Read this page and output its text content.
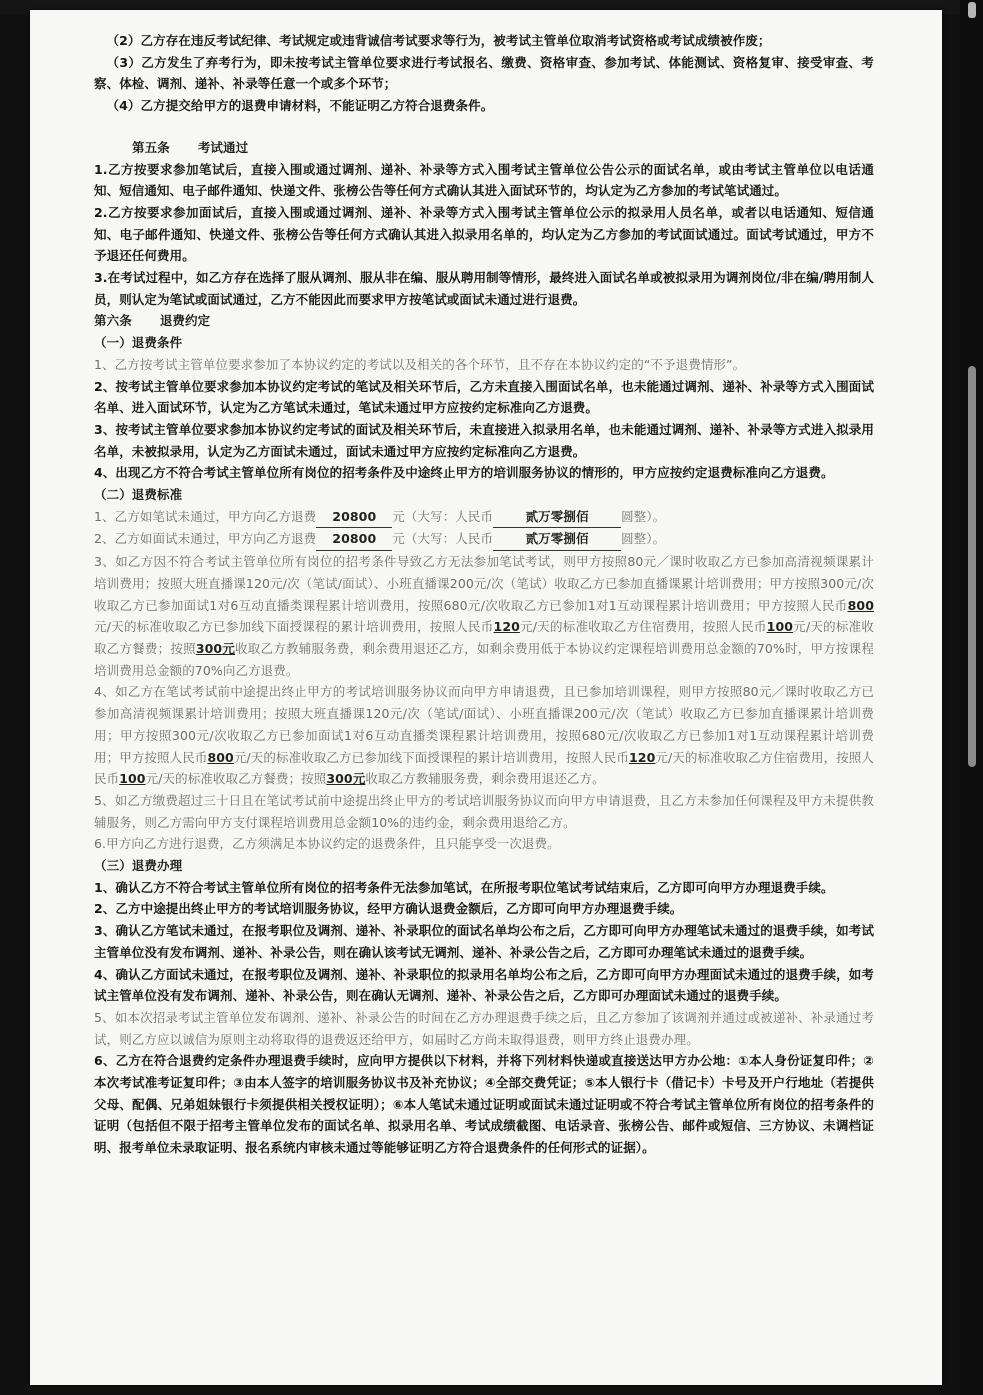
（2）乙方存在违反考试纪律、考试规定或违背诚信考试要求等行为，被考试主管单位取消考试资格或考试成绩被作废；

（3）乙方发生了弃考行为，即未按考试主管单位要求进行考试报名、缴费、资格审查、参加考试、体能测试、资格复审、接受审查、考察、体检、调剂、递补、补录等任意一个或多个环节；

（4）乙方提交给甲方的退费申请材料，不能证明乙方符合退费条件。

第五条 考试通过

1.乙方按要求参加笔试后，直接入围或通过调剂、递补、补录等方式入围考试主管单位公告公示的面试名单，或由考试主管单位以电话通知、短信通知、电子邮件通知、快递文件、张榜公告等任何方式确认其进入面试环节的，均认定为乙方参加的考试笔试通过。

2.乙方按要求参加面试后，直接入围或通过调剂、递补、补录等方式入围考试主管单位公示的拟录用人员名单，或者以电话通知、短信通知、电子邮件通知、快递文件、张榜公告等任何方式确认其进入拟录用名单的，均认定为乙方参加的考试面试通过。面试考试通过，甲方不予退还任何费用。

3.在考试过程中，如乙方存在选择了服从调剂、服从非在编、服从聘用制等情形，最终进入面试名单或被拟录用为调剂岗位/非在编/聘用制人员，则认定为笔试或面试通过，乙方不能因此而要求甲方按笔试或面试未通过进行退费。

第六条 退费约定

（一）退费条件

1、乙方按考试主管单位要求参加了本协议约定的考试以及相关的各个环节，且不存在本协议约定的“不予退费情形”。

2、按考试主管单位要求参加本协议约定考试的笔试及相关环节后，乙方未直接入围面试名单，也未能通过调剂、递补、补录等方式入围面试名单、进入面试环节，认定为乙方笔试未通过，笔试未通过甲方应按约定标准向乙方退费。

3、按考试主管单位要求参加本协议约定考试的面试及相关环节后，未直接进入拟录用名单，也未能通过调剂、递补、补录等方式进入拟录用名单，未被拟录用，认定为乙方面试未通过，面试未通过甲方应按约定标准向乙方退费。

4、出现乙方不符合考试主管单位所有岗位的招考条件及中途终止甲方的培训服务协议的情形的，甲方应按约定退费标准向乙方退费。

（二）退费标准

1、乙方如笔试未通过，甲方向乙方退费 20800 元（大写：人民币	贰万零捌佰	圆整）。

2、乙方如面试未通过，甲方向乙方退费 20800 元（大写：人民币	贰万零捌佰	圆整）。

3、如乙方因不符合考试主管单位所有岗位的招考条件导致乙方无法参加笔试考试，则甲方按照80元／课时收取乙方已参加高清视频课累计培训费用；按照大班直播课120元/次（笔试/面试）、小班直播课200元/次（笔试）收取乙方已参加直播课累计培训费用；甲方按照300元/次收取乙方已参加面试1对6互动直播类课程累计培训费用，按照680元/次收取乙方已参加1对1互动课程累计培训费用；甲方按照人民币800元/天的标准收取乙方已参加线下面授课程的累计培训费用，按照人民币120元/天的标准收取乙方住宿费用，按照人民币100元/天的标准收取乙方餐费；按照300元收取乙方教辅服务费，剩余费用退还乙方，如剩余费用低于本协议约定课程培训费用总金额的70%时，甲方按课程培训费用总金额的70%向乙方退费。

4、如乙方在笔试考试前中途提出终止甲方的考试培训服务协议而向甲方申请退费，且已参加培训课程，则甲方按照80元／课时收取乙方已参加高清视频课累计培训费用；按照大班直播课120元/次（笔试/面试）、小班直播课200元/次（笔试）收取乙方已参加直播课累计培训费用；甲方按照300元/次收取乙方已参加面试1对6互动直播类课程累计培训费用，按照680元/次收取乙方已参加1对1互动课程累计培训费用；甲方按照人民币800元/天的标准收取乙方已参加线下面授课程的累计培训费用，按照人民币120元/天的标准收取乙方住宿费用，按照人民币100元/天的标准收取乙方餐费；按照300元收取乙方教辅服务费，剩余费用退还乙方。

5、如乙方缴费超过三十日且在笔试考试前中途提出终止甲方的考试培训服务协议而向甲方申请退费，且乙方未参加任何课程及甲方未提供教辅服务，则乙方需向甲方支付课程培训费用总金额10%的违约金，剩余费用退给乙方。

6.甲方向乙方进行退费，乙方须满足本协议约定的退费条件，且只能享受一次退费。

（三）退费办理

1、确认乙方不符合考试主管单位所有岗位的招考条件无法参加笔试，在所报考职位笔试考试结束后，乙方即可向甲方办理退费手续。

2、乙方中途提出终止甲方的考试培训服务协议，经甲方确认退费金额后，乙方即可向甲方办理退费手续。

3、确认乙方笔试未通过，在报考职位及调剂、递补、补录职位的面试名单均公布之后，乙方即可向甲方办理笔试未通过的退费手续，如考试主管单位没有发布调剂、递补、补录公告，则在确认该考试无调剂、递补、补录公告之后，乙方即可办理笔试未通过的退费手续。

4、确认乙方面试未通过，在报考职位及调剂、递补、补录职位的拟录用名单均公布之后，乙方即可向甲方办理面试未通过的退费手续，如考试主管单位没有发布调剂、递补、补录公告，则在确认无调剂、递补、补录公告之后，乙方即可办理面试未通过的退费手续。

5、如本次招录考试主管单位发布调剂、递补、补录公告的时间在乙方办理退费手续之后，且乙方参加了该调剂并通过或被递补、补录通过考试，则乙方应以诚信为原则主动将取得的退费返还给甲方，如届时乙方尚未取得退费，则甲方终止退费办理。

6、乙方在符合退费约定条件办理退费手续时，应向甲方提供以下材料，并将下列材料快递或直接送达甲方办公地：①本人身份证复印件；②本次考试准考证复印件；③由本人签字的培训服务协议书及补充协议；④全部交费凭证；⑤本人银行卡（借记卡）卡号及开户行地址（若提供父母、配偶、兄弟姐妹银行卡须提供相关授权证明）；⑥本人笔试未通过证明或面试未通过证明或不符合考试主管单位所有岗位的招考条件的证明（包括但不限于招考主管单位发布的面试名单、拟录用名单、考试成绩截图、电话录音、张榜公告、邮件或短信、三方协议、未调档证明、报考单位未录取证明、报名系统内审核未通过等能够证明乙方符合退费条件的任何形式的证据）。
